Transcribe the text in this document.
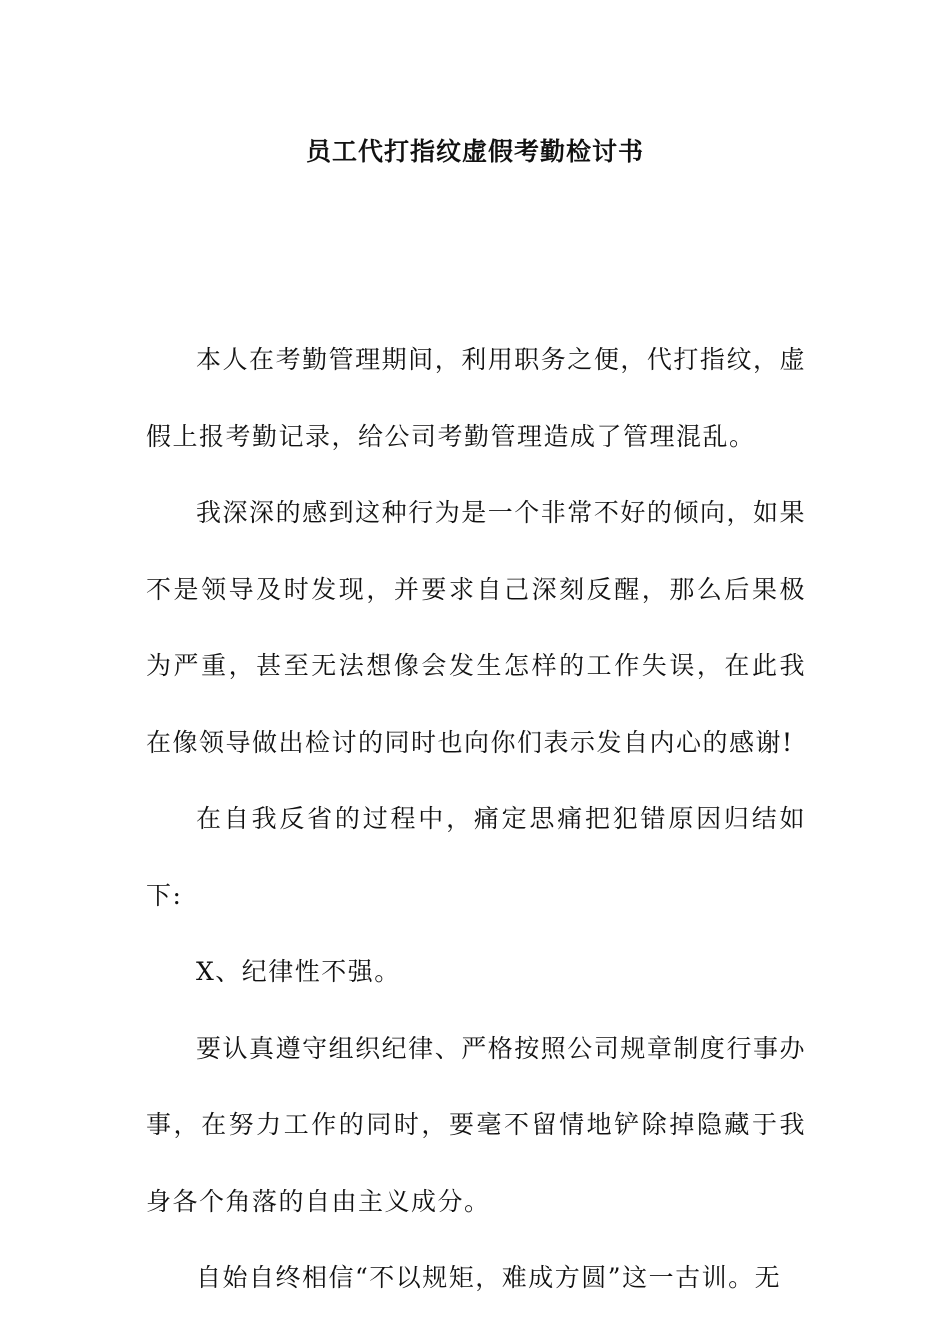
员工代打指纹虚假考勤检讨书

本人在考勤管理期间，利用职务之便，代打指纹，虚假上报考勤记录，给公司考勤管理造成了管理混乱。

我深深的感到这种行为是一个非常不好的倾向，如果不是领导及时发现，并要求自己深刻反醒，那么后果极为严重，甚至无法想像会发生怎样的工作失误，在此我在像领导做出检讨的同时也向你们表示发自内心的感谢!

在自我反省的过程中，痛定思痛把犯错原因归结如下:

X、纪律性不强。

要认真遵守组织纪律、严格按照公司规章制度行事办事，在努力工作的同时，要毫不留情地铲除掉隐藏于我身各个角落的自由主义成分。

自始自终相信“不以规矩，难成方圆”这一古训。无
